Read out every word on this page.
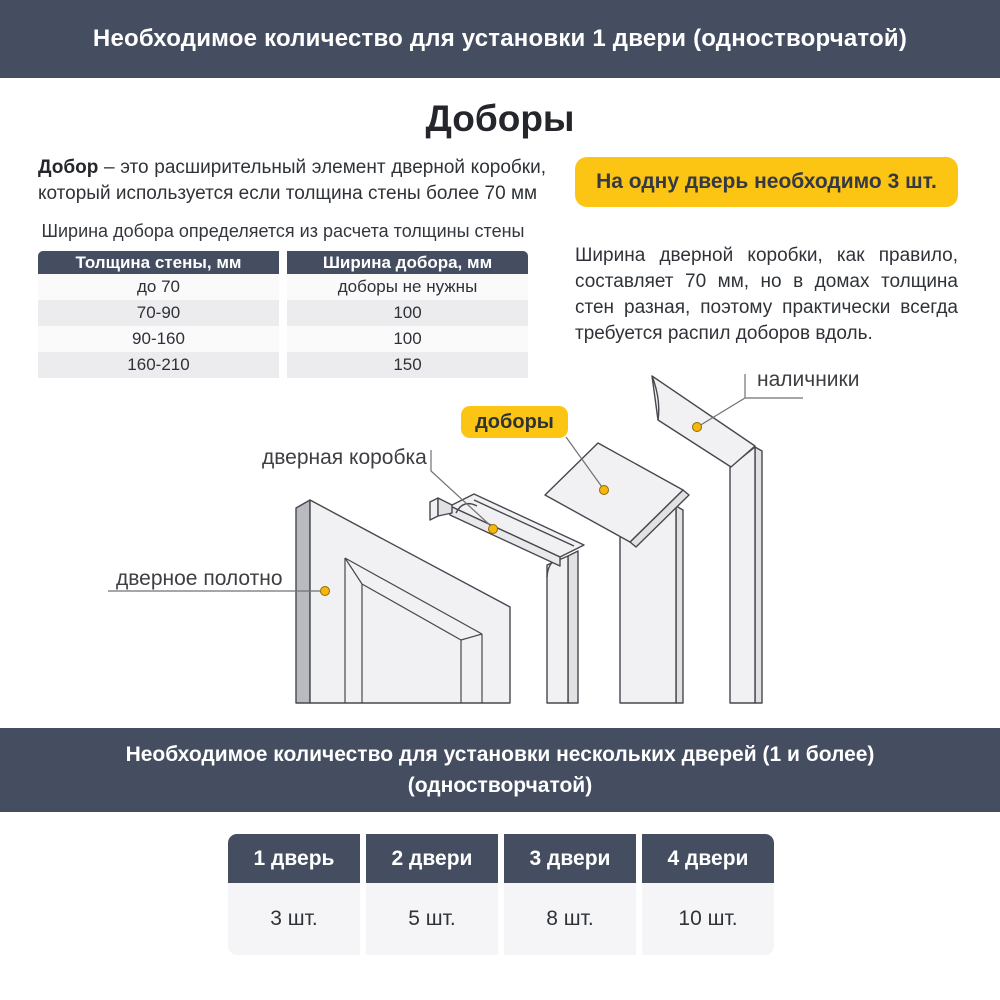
Необходимое количество для установки 1 двери (одностворчатой)
Доборы
Добор – это расширительный элемент дверной коробки, который используется если толщина стены более 70 мм
Ширина добора определяется из расчета толщины стены
Толщина стены, мм	Ширина добора, мм
до 70	доборы не нужны
70-90	100
90-160	100
160-210	150
На одну дверь необходимо 3 шт.
Ширина дверной коробки, как правило, составляет 70 мм, но в домах толщина стен разная, поэтому практически всегда требуется распил доборов вдоль.
дверное полотно
дверная коробка
наличники
доборы
Необходимое количество для установки нескольких дверей (1 и более)
(одностворчатой)
1 дверь	2 двери	3 двери	4 двери
3 шт.	5 шт.	8 шт.	10 шт.
